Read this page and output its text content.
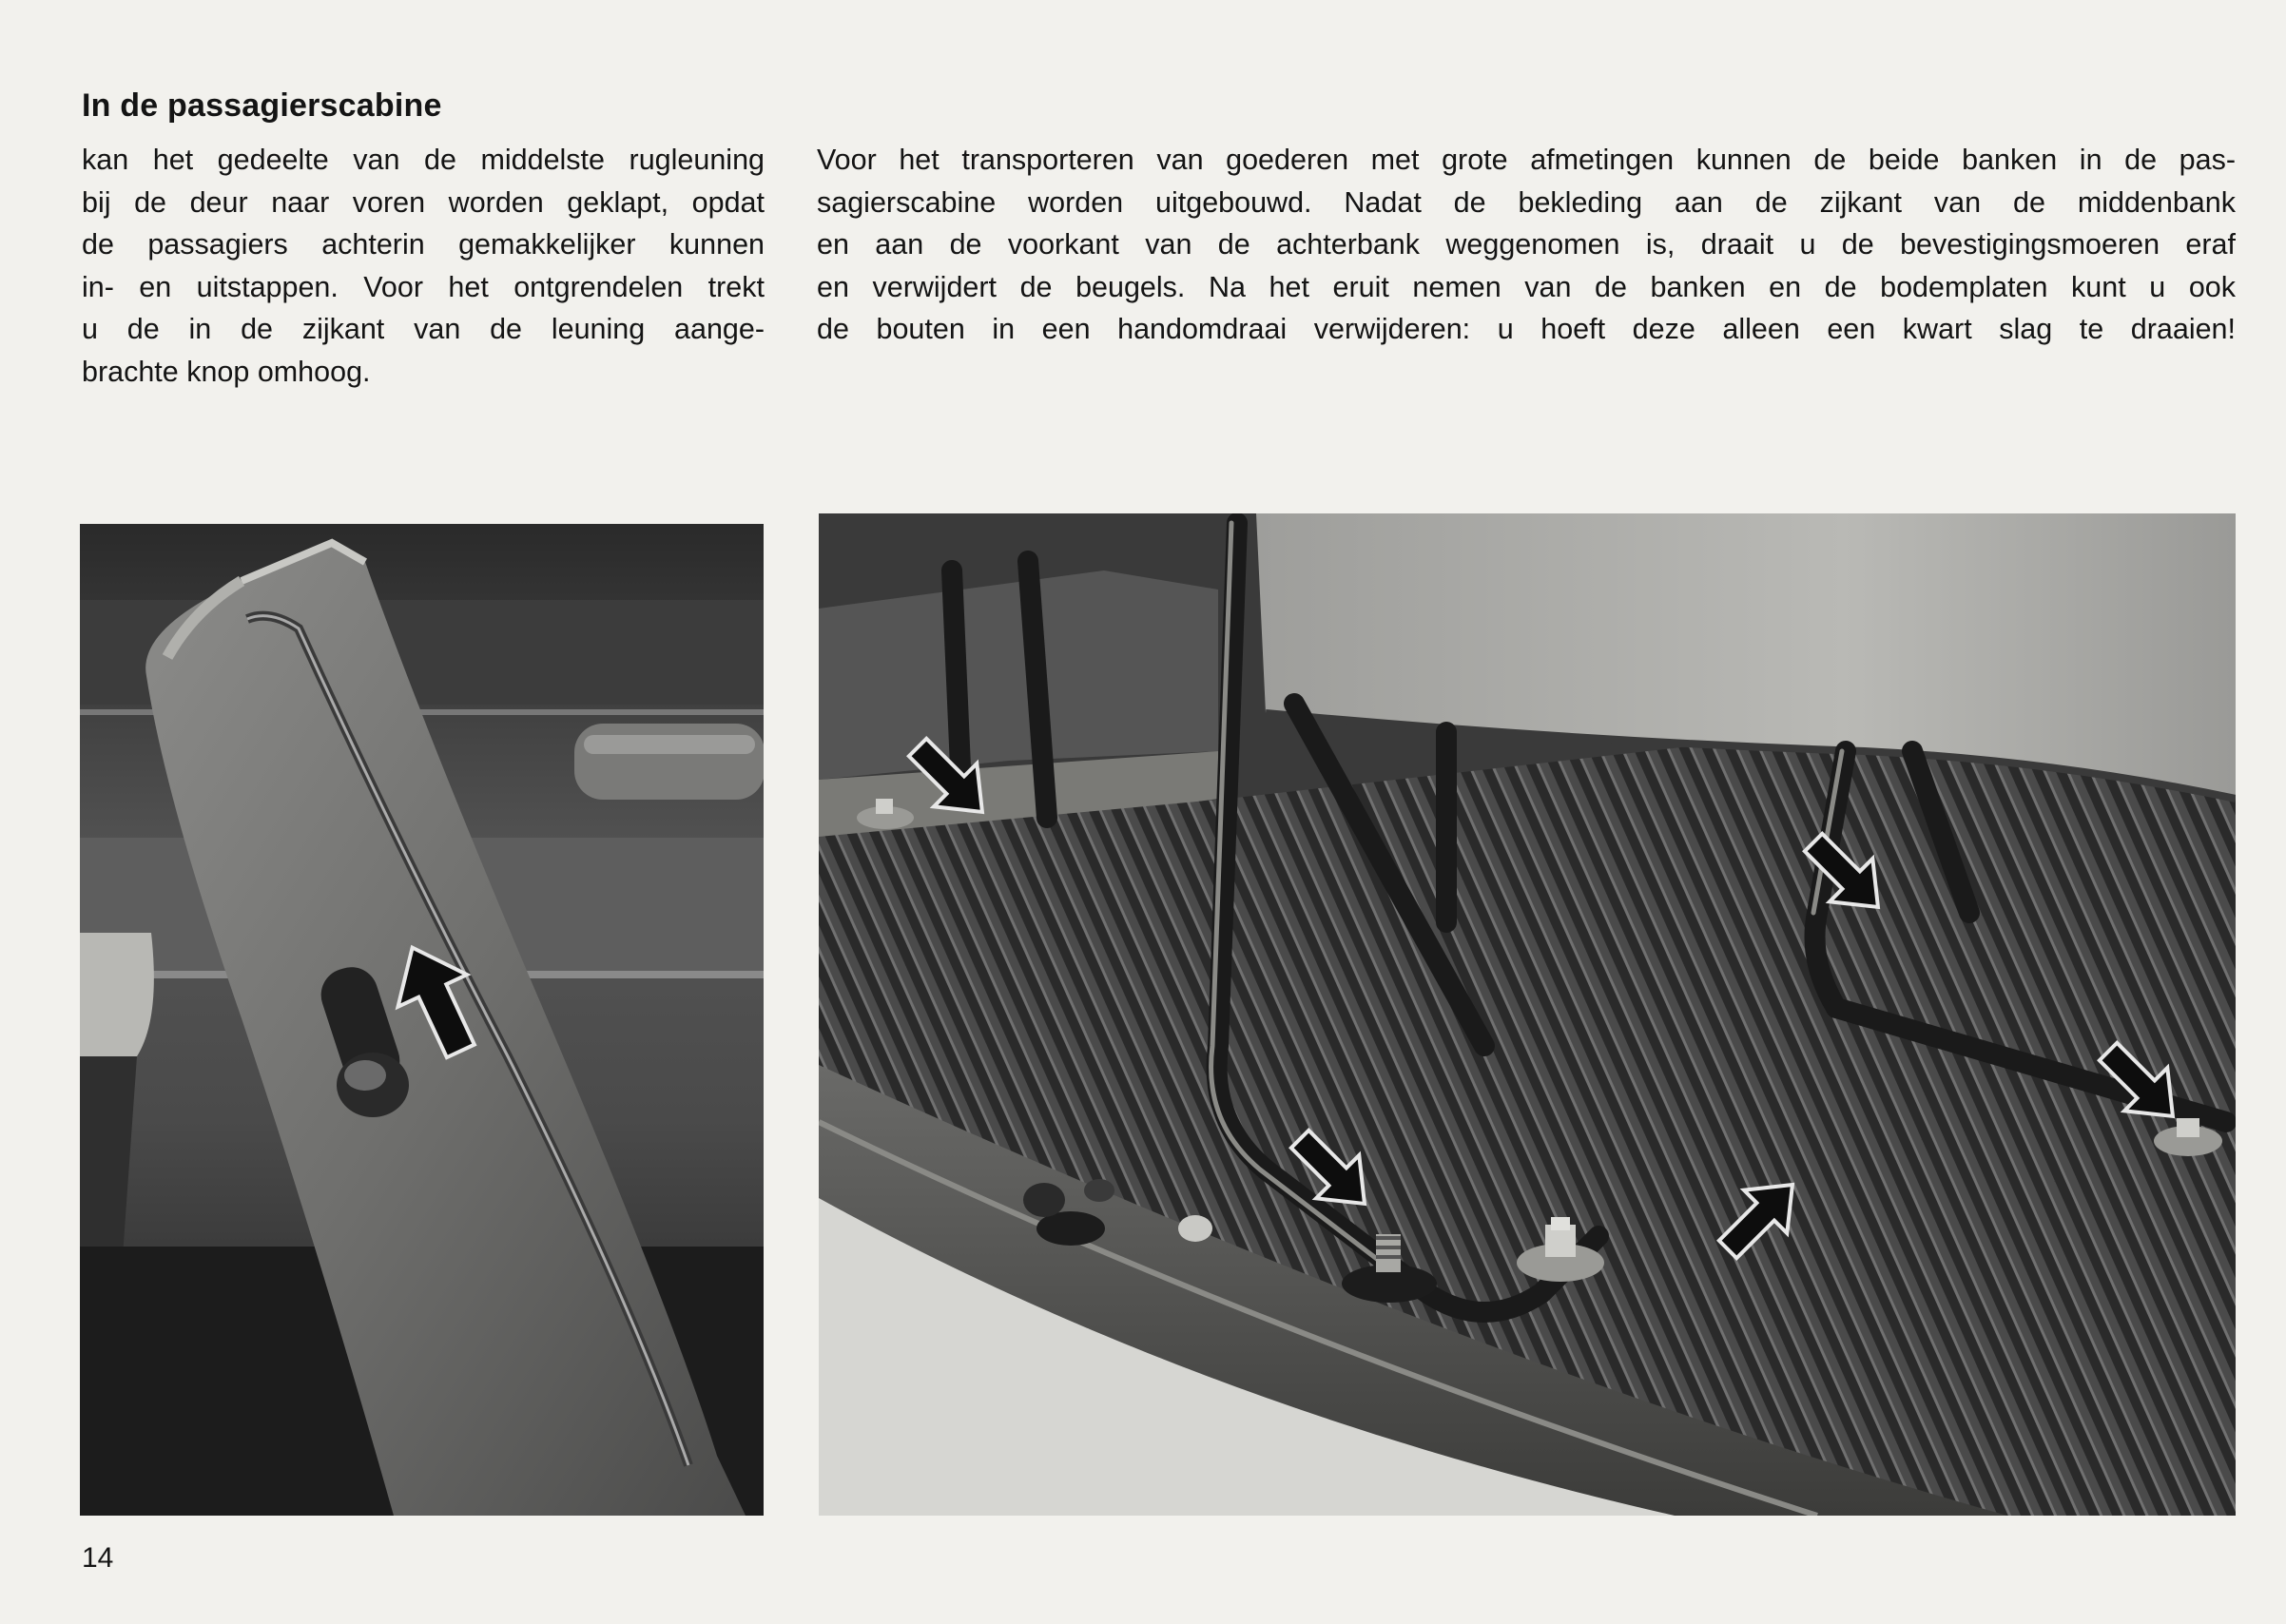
In de passagierscabine

kan het gedeelte van de middelste rugleuning
bij de deur naar voren worden geklapt, opdat
de passagiers achterin gemakkelijker kunnen
in- en uitstappen. Voor het ontgrendelen trekt
u de in de zijkant van de leuning aange-
brachte knop omhoog.

Voor het transporteren van goederen met grote afmetingen kunnen de beide banken in de pas-
sagierscabine worden uitgebouwd. Nadat de bekleding aan de zijkant van de middenbank
en aan de voorkant van de achterbank weggenomen is, draait u de bevestigingsmoeren eraf
en verwijdert de beugels. Na het eruit nemen van de banken en de bodemplaten kunt u ook
de bouten in een handomdraai verwijderen: u hoeft deze alleen een kwart slag te draaien!

14
